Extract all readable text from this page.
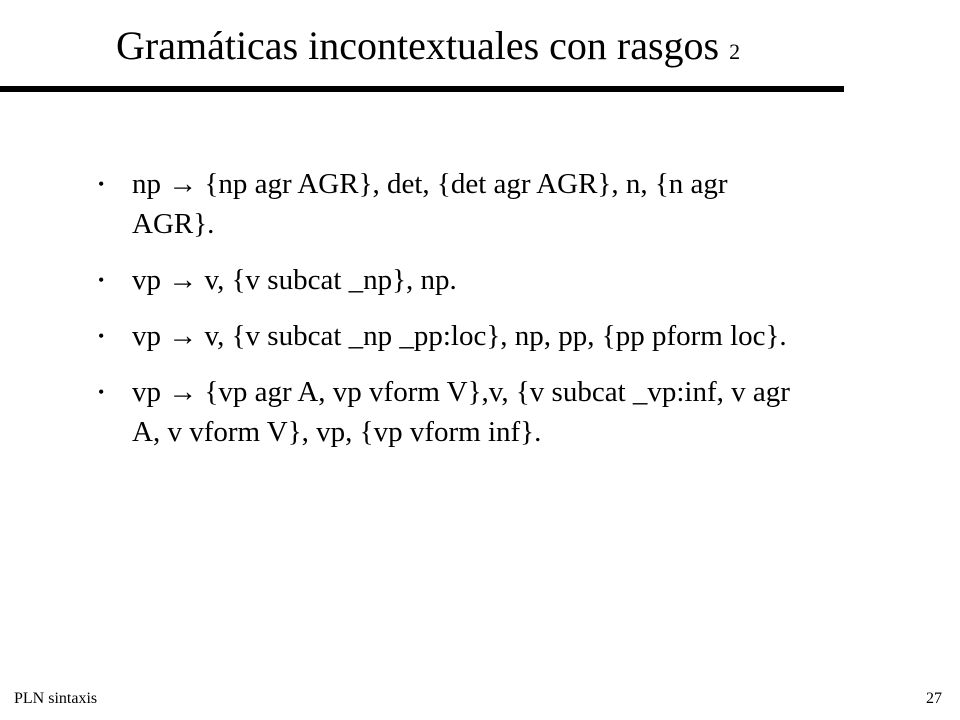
Gramáticas incontextuales con rasgos 2
• np → {np agr AGR}, det, {det agr AGR}, n, {n agr AGR}.
• vp → v, {v subcat _np}, np.
• vp → v, {v subcat _np _pp:loc}, np, pp, {pp pform loc}.
• vp → {vp agr A, vp vform V},v, {v subcat _vp:inf, v agr A, v vform V}, vp, {vp vform inf}.
PLN sintaxis	27
